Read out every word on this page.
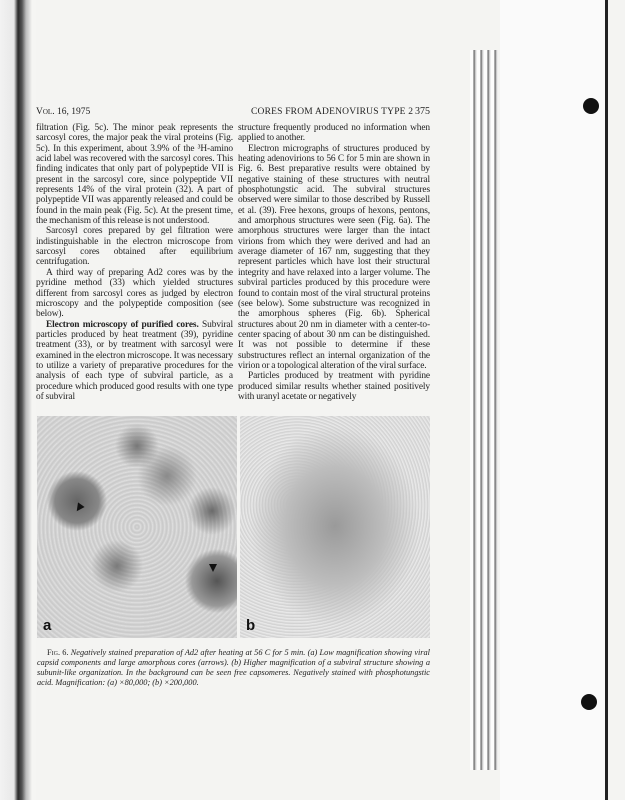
Vol. 16, 1975	CORES FROM ADENOVIRUS TYPE 2 375

filtration (Fig. 5c). The minor peak represents the sarcosyl cores, the major peak the viral proteins (Fig. 5c). In this experiment, about 3.9% of the ³H-amino acid label was recovered with the sarcosyl cores. This finding indicates that only part of polypeptide VII is present in the sarcosyl core, since polypeptide VII represents 14% of the viral protein (32). A part of polypeptide VII was apparently released and could be found in the main peak (Fig. 5c). At the present time, the mechanism of this release is not understood.

Sarcosyl cores prepared by gel filtration were indistinguishable in the electron microscope from sarcosyl cores obtained after equilibrium centrifugation.

A third way of preparing Ad2 cores was by the pyridine method (33) which yielded structures different from sarcosyl cores as judged by electron microscopy and the polypeptide composition (see below).

Electron microscopy of purified cores. Subviral particles produced by heat treatment (39), pyridine treatment (33), or by treatment with sarcosyl were examined in the electron microscope. It was necessary to utilize a variety of preparative procedures for the analysis of each type of subviral particle, as a procedure which produced good results with one type of subviral

structure frequently produced no information when applied to another.

Electron micrographs of structures produced by heating adenovirions to 56 C for 5 min are shown in Fig. 6. Best preparative results were obtained by negative staining of these structures with neutral phosphotungstic acid. The subviral structures observed were similar to those described by Russell et al. (39). Free hexons, groups of hexons, pentons, and amorphous structures were seen (Fig. 6a). The amorphous structures were larger than the intact virions from which they were derived and had an average diameter of 167 nm, suggesting that they represent particles which have lost their structural integrity and have relaxed into a larger volume. The subviral particles produced by this procedure were found to contain most of the viral structural proteins (see below). Some substructure was recognized in the amorphous spheres (Fig. 6b). Spherical structures about 20 nm in diameter with a center-to-center spacing of about 30 nm can be distinguished. It was not possible to determine if these substructures reflect an internal organization of the virion or a topological alteration of the viral surface.

Particles produced by treatment with pyridine produced similar results whether stained positively with uranyl acetate or negatively

a	b
Fig. 6. Negatively stained preparation of Ad2 after heating at 56 C for 5 min. (a) Low magnification showing viral capsid components and large amorphous cores (arrows). (b) Higher magnification of a subviral structure showing a subunit-like organization. In the background can be seen free capsomeres. Negatively stained with phosphotungstic acid. Magnification: (a) ×80,000; (b) ×200,000.
